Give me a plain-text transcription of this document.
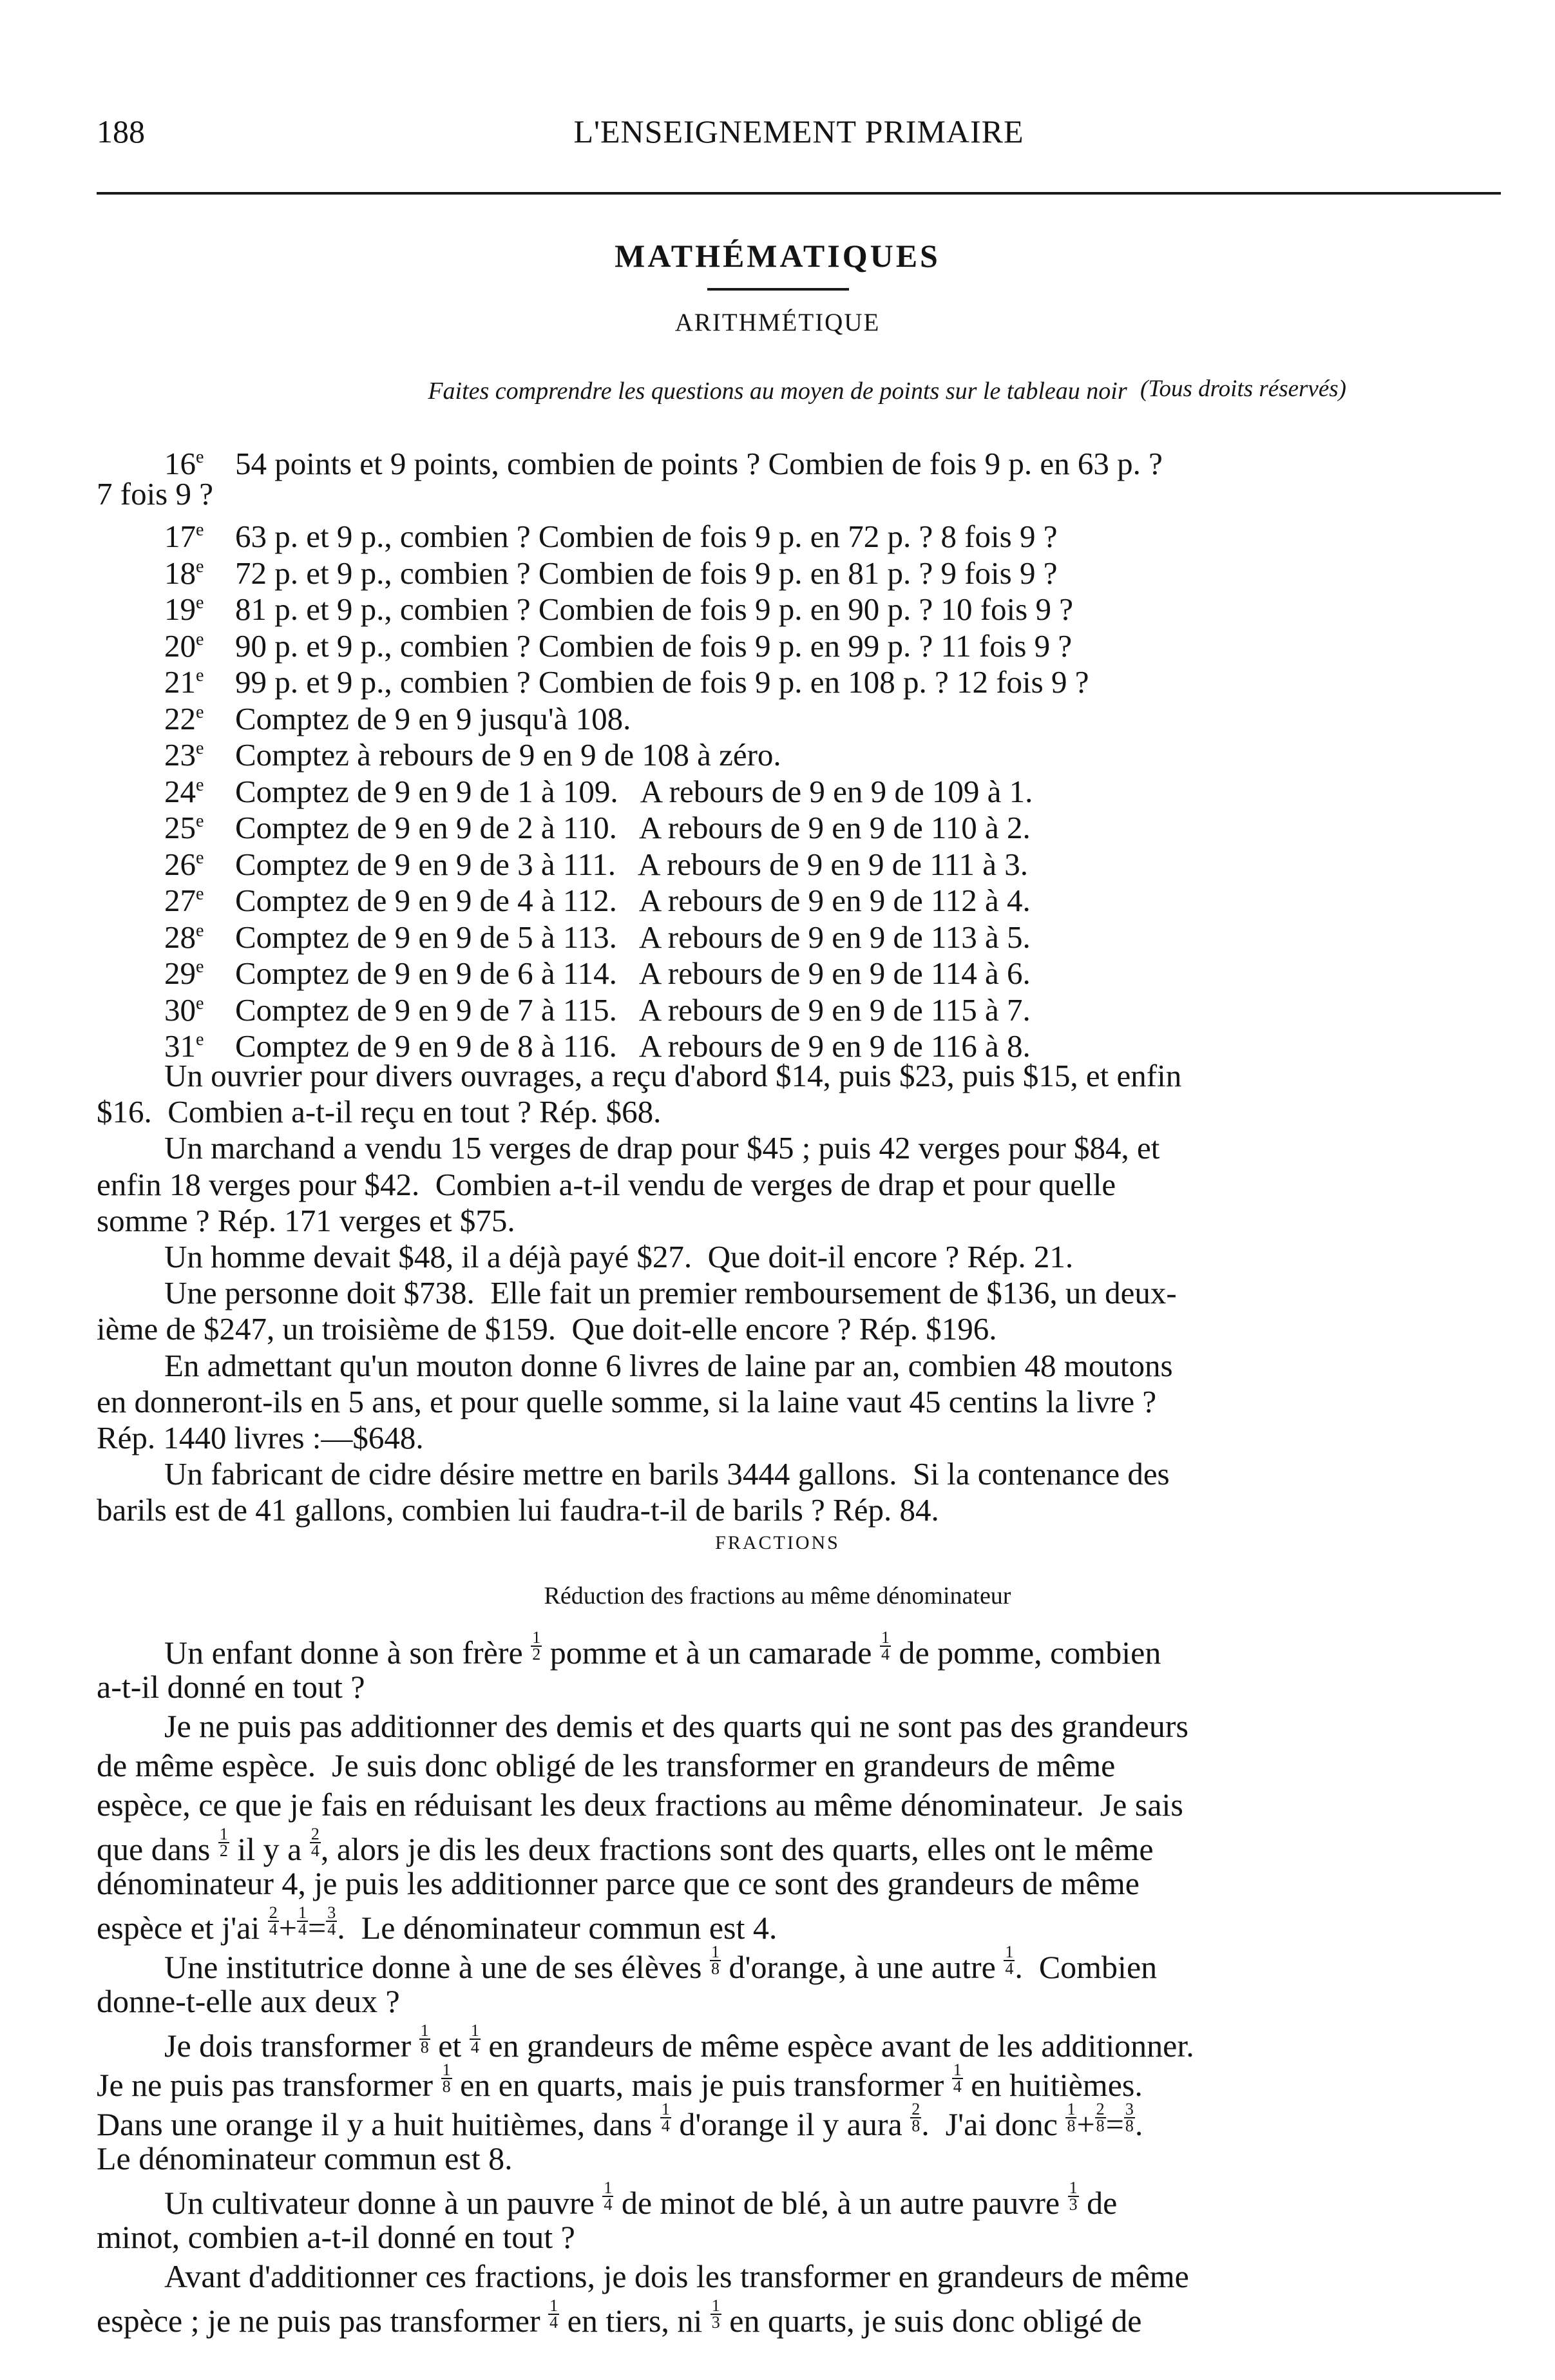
188	L'ENSEIGNEMENT PRIMAIRE
MATHÉMATIQUES
ARITHMÉTIQUE
Faites comprendre les questions au moyen de points sur le tableau noir (Tous droits réservés)
16e 54 points et 9 points, combien de points ? Combien de fois 9 p. en 63 p. ?
7 fois 9 ?
17e 63 p. et 9 p., combien ? Combien de fois 9 p. en 72 p. ? 8 fois 9 ?
18e 72 p. et 9 p., combien ? Combien de fois 9 p. en 81 p. ? 9 fois 9 ?
19e 81 p. et 9 p., combien ? Combien de fois 9 p. en 90 p. ? 10 fois 9 ?
20e 90 p. et 9 p., combien ? Combien de fois 9 p. en 99 p. ? 11 fois 9 ?
21e 99 p. et 9 p., combien ? Combien de fois 9 p. en 108 p. ? 12 fois 9 ?
22e Comptez de 9 en 9 jusqu'à 108.
23e Comptez à rebours de 9 en 9 de 108 à zéro.
24e Comptez de 9 en 9 de 1 à 109.   A rebours de 9 en 9 de 109 à 1.
25e Comptez de 9 en 9 de 2 à 110.   A rebours de 9 en 9 de 110 à 2.
26e Comptez de 9 en 9 de 3 à 111.   A rebours de 9 en 9 de 111 à 3.
27e Comptez de 9 en 9 de 4 à 112.   A rebours de 9 en 9 de 112 à 4.
28e Comptez de 9 en 9 de 5 à 113.   A rebours de 9 en 9 de 113 à 5.
29e Comptez de 9 en 9 de 6 à 114.   A rebours de 9 en 9 de 114 à 6.
30e Comptez de 9 en 9 de 7 à 115.   A rebours de 9 en 9 de 115 à 7.
31e Comptez de 9 en 9 de 8 à 116.   A rebours de 9 en 9 de 116 à 8.
Un ouvrier pour divers ouvrages, a reçu d'abord $14, puis $23, puis $15, et enfin
$16.  Combien a-t-il reçu en tout ? Rép. $68.
Un marchand a vendu 15 verges de drap pour $45 ; puis 42 verges pour $84, et
enfin 18 verges pour $42.  Combien a-t-il vendu de verges de drap et pour quelle
somme ? Rép. 171 verges et $75.
Un homme devait $48, il a déjà payé $27.  Que doit-il encore ? Rép. 21.
Une personne doit $738.  Elle fait un premier remboursement de $136, un deux-
ième de $247, un troisième de $159.  Que doit-elle encore ? Rép. $196.
En admettant qu'un mouton donne 6 livres de laine par an, combien 48 moutons
en donneront-ils en 5 ans, et pour quelle somme, si la laine vaut 45 centins la livre ?
Rép. 1440 livres :—$648.
Un fabricant de cidre désire mettre en barils 3444 gallons.  Si la contenance des
barils est de 41 gallons, combien lui faudra-t-il de barils ? Rép. 84.
FRACTIONS
Réduction des fractions au même dénominateur
Un enfant donne à son frère $\frac{1}{2}$ pomme et à un camarade $\frac{1}{4}$ de pomme, combien
a-t-il donné en tout ?
Je ne puis pas additionner des demis et des quarts qui ne sont pas des grandeurs
de même espèce.  Je suis donc obligé de les transformer en grandeurs de même
espèce, ce que je fais en réduisant les deux fractions au même dénominateur.  Je sais
que dans $\frac{1}{2}$ il y a $\frac{2}{4}$ , alors je dis les deux fractions sont des quarts, elles ont le même
dénominateur 4, je puis les additionner parce que ce sont des grandeurs de même
espèce et $j'ai \frac{2}{4} + \frac{1}{4} = \frac{3}{4}$ .  Le dénominateur commun est 4.
Une institutrice donne à une de ses élèves $\frac{1}{8}$ d'orange, à une autre $\frac{1}{4}$ .  Combien
donne-t-elle aux deux ?
Je dois transformer $\frac{1}{8}$ et $\frac{1}{4}$ en grandeurs de même espèce avant de les additionner.
Je ne puis pas transformer $\frac{1}{8}$ en en quarts, mais je puis transformer $\frac{1}{4}$ en huitièmes.
Dans une orange il y a huit huitièmes, dans $\frac{1}{4}$ d'orange il y aura $\frac{2}{8}$ .  J'ai donc $\frac{1}{8} + \frac{2}{8} = \frac{3}{8}$ .
Le dénominateur commun est 8.
Un cultivateur donne à un pauvre $\frac{1}{4}$ de minot de blé, à un autre pauvre $\frac{1}{3}$ de
minot, combien a-t-il donné en tout ?
Avant d'additionner ces fractions, je dois les transformer en grandeurs de même
espèce ; je ne puis pas transformer $\frac{1}{4}$ en tiers, ni $\frac{1}{3}$ en quarts, je suis donc obligé de
